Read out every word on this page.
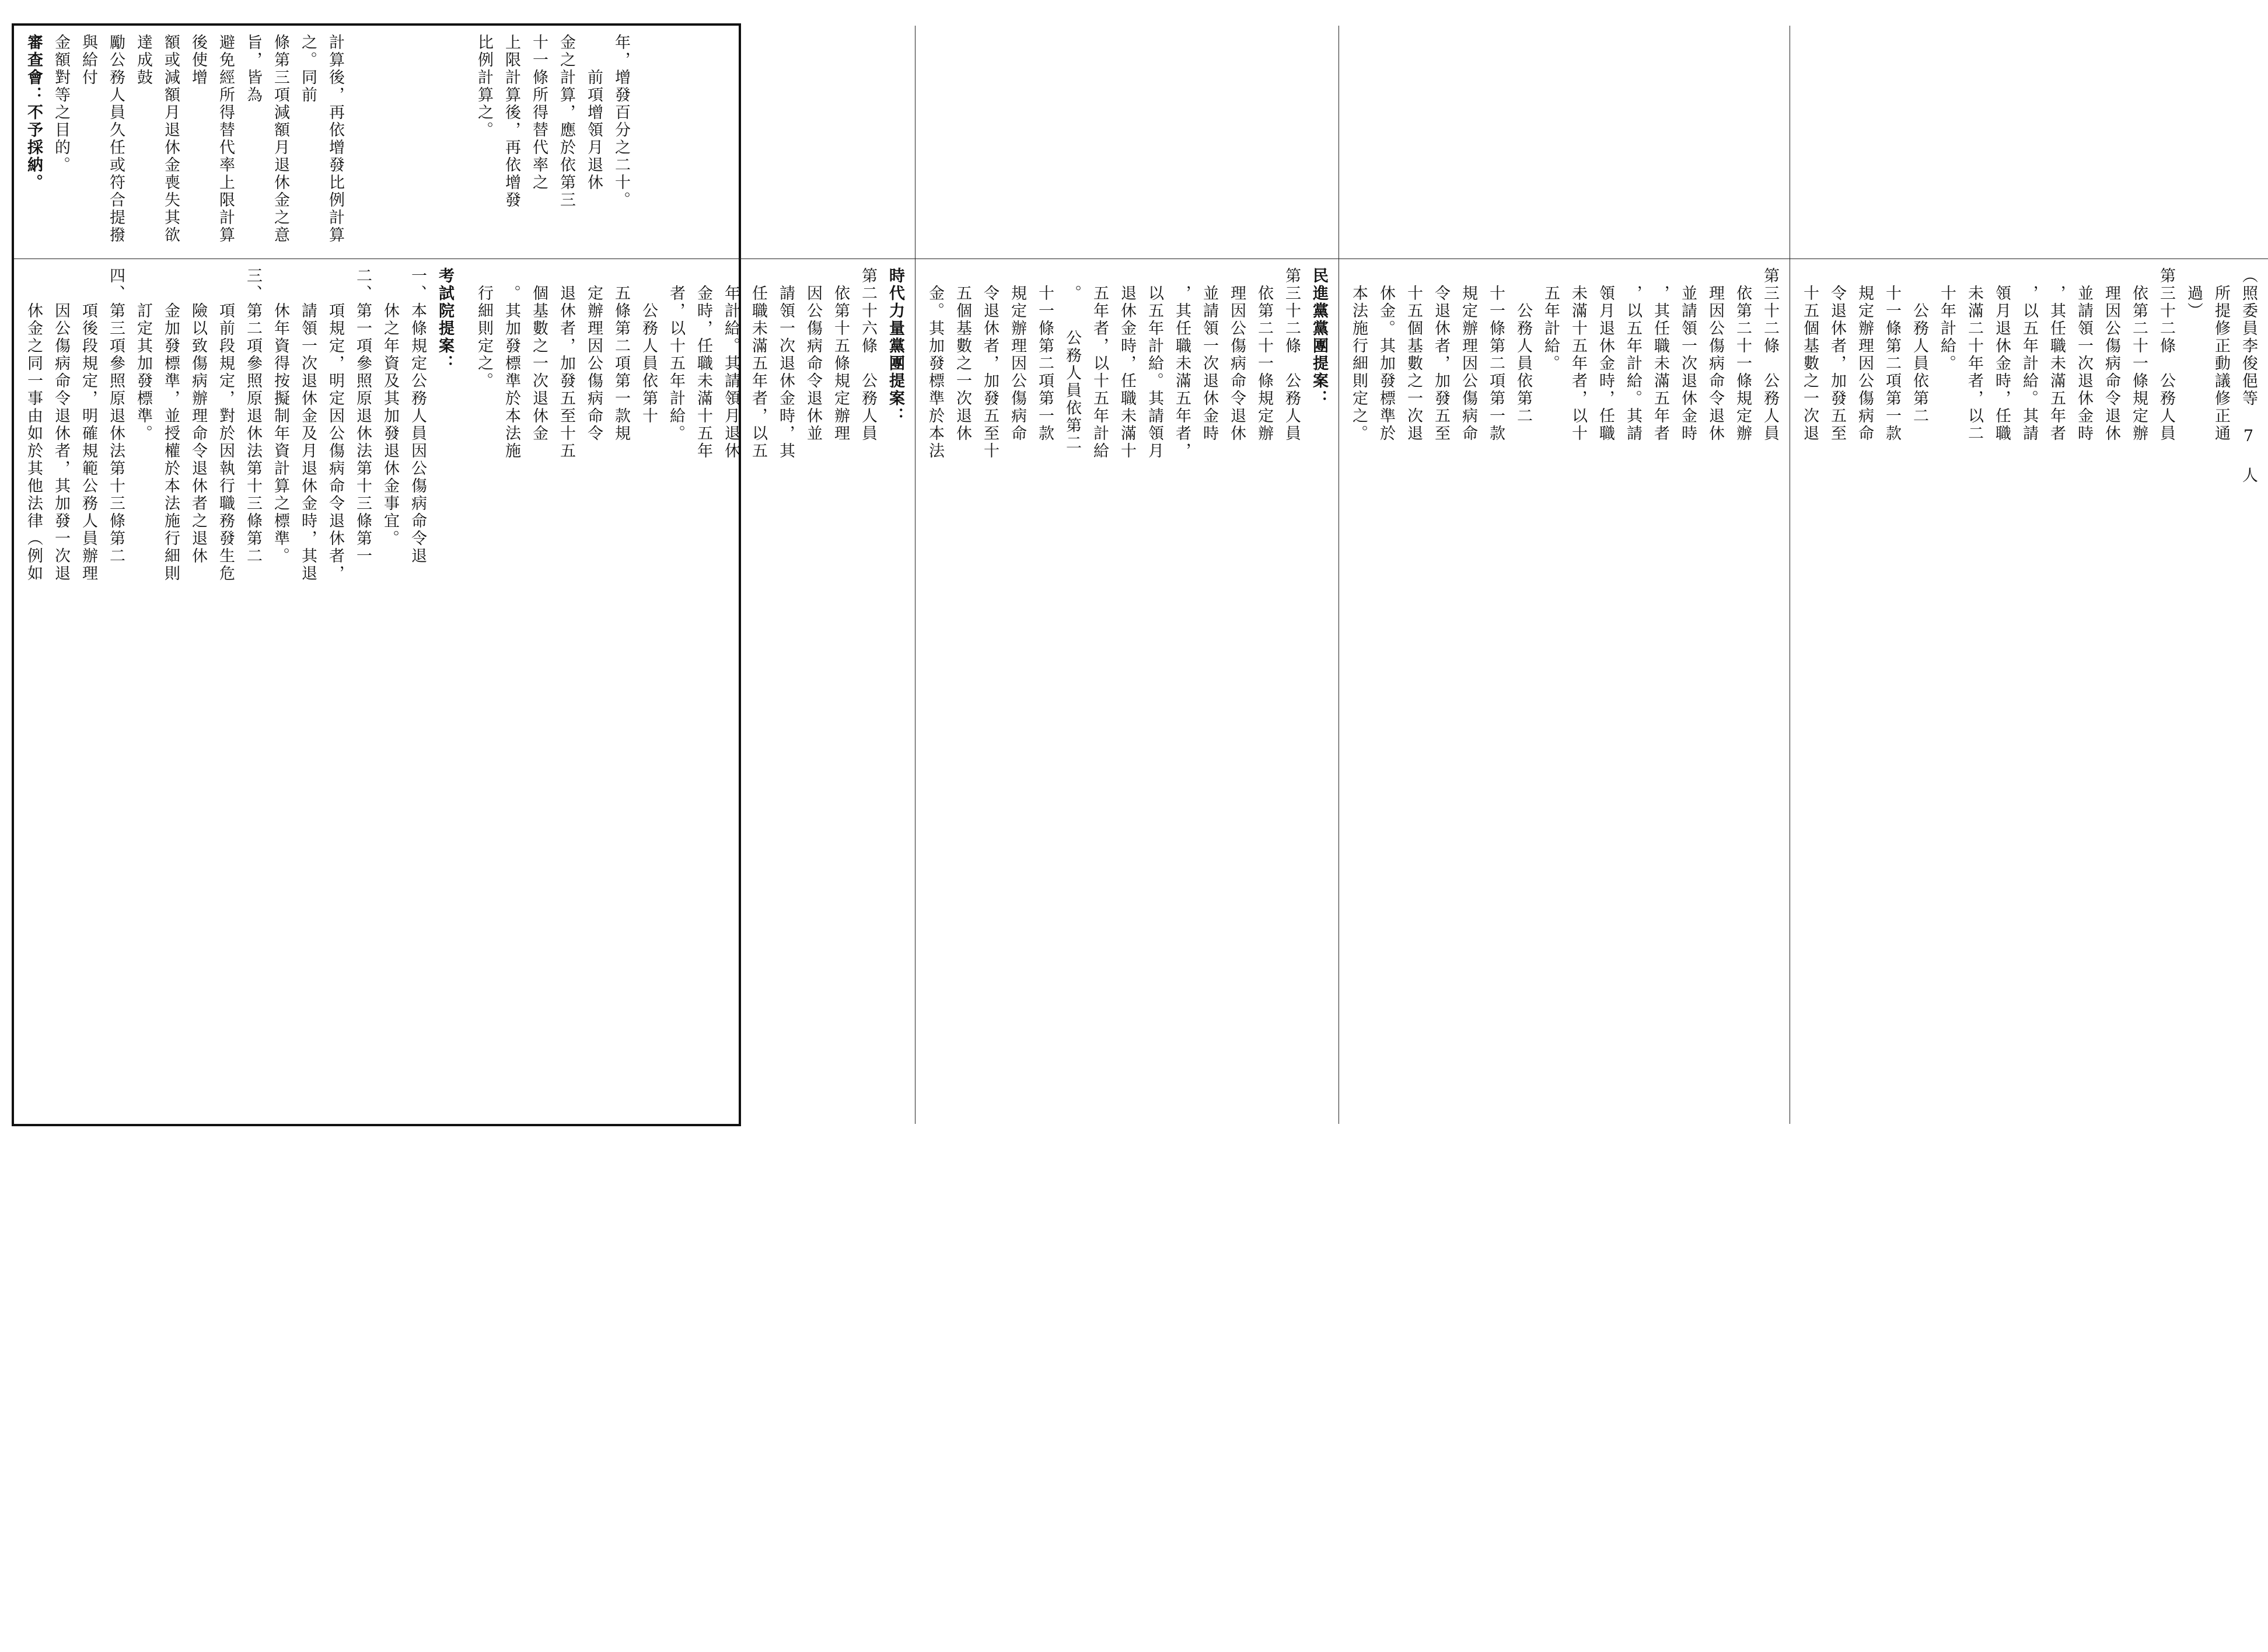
年，增發百分之二十。
　　前項增領月退休
金之計算，應於依第三
十一條所得替代率之
上限計算後，再依增發
比例計算之。

計算後，再依增發比例計算之。同前
條第三項減額月退休金之意旨，皆為
避免經所得替代率上限計算後使增
額或減額月退休金喪失其欲達成鼓
勵公務人員久任或符合提撥與給付
金額對等之目的。
審查會：不予採納。
（照委員李俊俋等 7 人
　所提修正動議修正通
　過）
第三十二條　公務人員
　依第二十一條規定辦
　理因公傷病命令退休
　並請領一次退休金時
　，其任職未滿五年者
　，以五年計給。其請
　領月退休金時，任職
　未滿二十年者，以二
　十年計給。
　　公務人員依第二
　十一條第二項第一款
　規定辦理因公傷病命
　令退休者，加發五至
　十五個基數之一次退

第三十二條　公務人員
　依第二十一條規定辦
　理因公傷病命令退休
　並請領一次退休金時
　，其任職未滿五年者
　，以五年計給。其請
　領月退休金時，任職
　未滿十五年者，以十
　五年計給。
　　公務人員依第二
　十一條第二項第一款
　規定辦理因公傷病命
　令退休者，加發五至
　十五個基數之一次退
　休金。其加發標準於
　本法施行細則定之。

民進黨黨團提案：
第三十二條　公務人員
　依第二十一條規定辦
　理因公傷病命令退休
　並請領一次退休金時
　，其任職未滿五年者，
　以五年計給。其請領月
　退休金時，任職未滿十
　五年者，以十五年計給
　。　　公務人員依第二
　十一條第二項第一款
　規定辦理因公傷病命
　令退休者，加發五至十
　五個基數之一次退休
　金。其加發標準於本法

時代力量黨團提案：
第二十六條　公務人員
　依第十五條規定辦理
　因公傷病命令退休並
　請領一次退休金時，其
　任職未滿五年者，以五
　年計給。其請領月退休
　金時，任職未滿十五年
　者，以十五年計給。
　　公務人員依第十
　五條第二項第一款規
　定辦理因公傷病命令
　退休者，加發五至十五
　個基數之一次退休金
　。其加發標準於本法施
　行細則定之。

考試院提案：
一、本條規定公務人員因公傷病命令退
　　休之年資及其加發退休金事宜。
二、第一項參照原退休法第十三條第一
　　項規定，明定因公傷病命令退休者，
　　請領一次退休金及月退休金時，其退
　　休年資得按擬制年資計算之標準。
三、第二項參照原退休法第十三條第二
　　項前段規定，對於因執行職務發生危
　　險以致傷病辦理命令退休者之退休
　　金加發標準，並授權於本法施行細則
　　訂定其加發標準。
四、第三項參照原退休法第十三條第二
　　項後段規定，明確規範公務人員辦理
　　因公傷病命令退休者，其加發一次退
　　休金之同一事由如於其他法律（例如
